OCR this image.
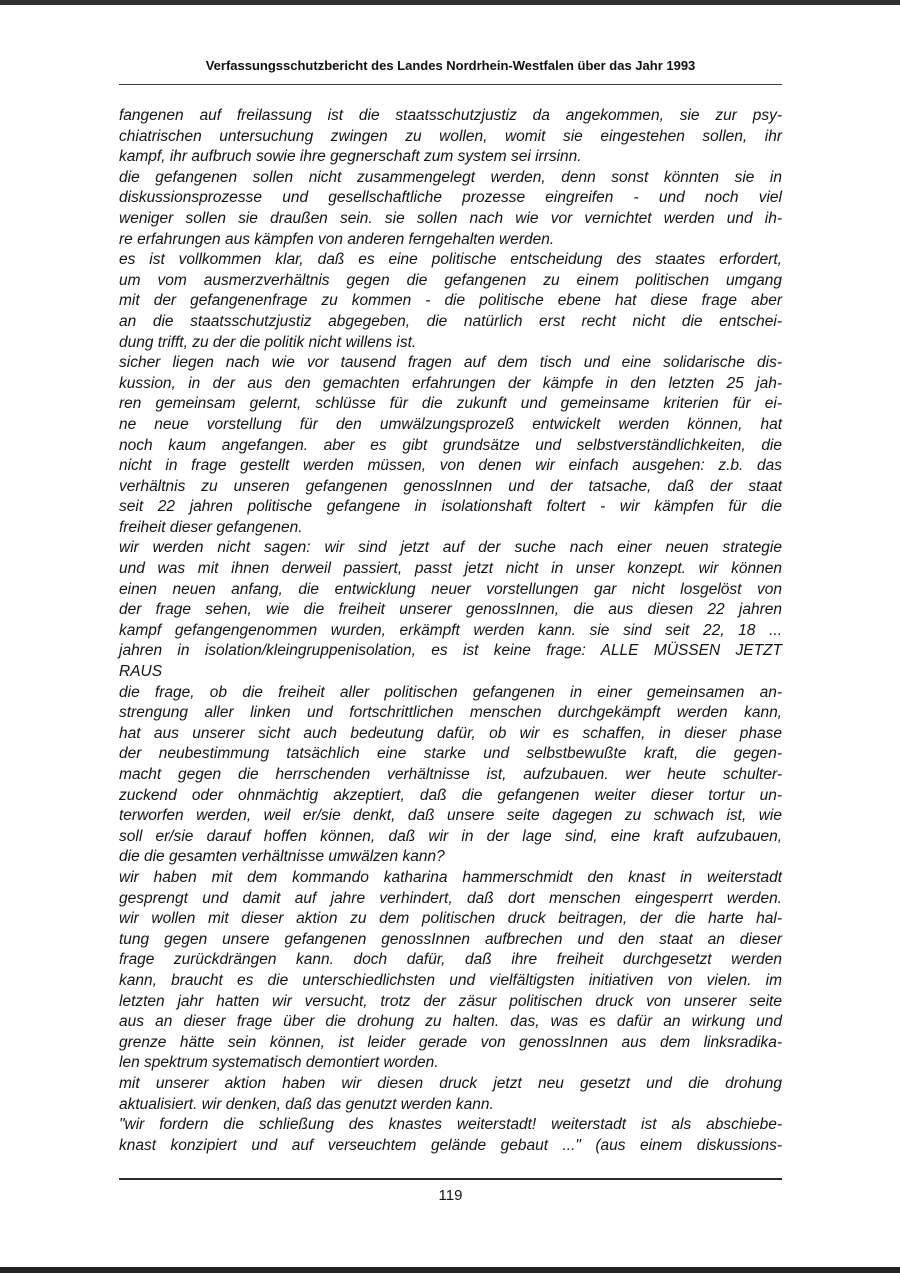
Verfassungsschutzbericht des Landes Nordrhein-Westfalen über das Jahr 1993
fangenen auf freilassung ist die staatsschutzjustiz da angekommen, sie zur psy-
chiatrischen untersuchung zwingen zu wollen, womit sie eingestehen sollen, ihr
kampf, ihr aufbruch sowie ihre gegnerschaft zum system sei irrsinn.
die gefangenen sollen nicht zusammengelegt werden, denn sonst könnten sie in
diskussionsprozesse und gesellschaftliche prozesse eingreifen - und noch viel
weniger sollen sie draußen sein. sie sollen nach wie vor vernichtet werden und ih-
re erfahrungen aus kämpfen von anderen ferngehalten werden.
es ist vollkommen klar, daß es eine politische entscheidung des staates erfordert,
um vom ausmerzverhältnis gegen die gefangenen zu einem politischen umgang
mit der gefangenenfrage zu kommen - die politische ebene hat diese frage aber
an die staatsschutzjustiz abgegeben, die natürlich erst recht nicht die entschei-
dung trifft, zu der die politik nicht willens ist.
sicher liegen nach wie vor tausend fragen auf dem tisch und eine solidarische dis-
kussion, in der aus den gemachten erfahrungen der kämpfe in den letzten 25 jah-
ren gemeinsam gelernt, schlüsse für die zukunft und gemeinsame kriterien für ei-
ne neue vorstellung für den umwälzungsprozeß entwickelt werden können, hat
noch kaum angefangen. aber es gibt grundsätze und selbstverständlichkeiten, die
nicht in frage gestellt werden müssen, von denen wir einfach ausgehen: z.b. das
verhältnis zu unseren gefangenen genossInnen und der tatsache, daß der staat
seit 22 jahren politische gefangene in isolationshaft foltert - wir kämpfen für die
freiheit dieser gefangenen.
wir werden nicht sagen: wir sind jetzt auf der suche nach einer neuen strategie
und was mit ihnen derweil passiert, passt jetzt nicht in unser konzept. wir können
einen neuen anfang, die entwicklung neuer vorstellungen gar nicht losgelöst von
der frage sehen, wie die freiheit unserer genossInnen, die aus diesen 22 jahren
kampf gefangengenommen wurden, erkämpft werden kann. sie sind seit 22, 18 ...
jahren in isolation/kleingruppenisolation, es ist keine frage: ALLE MÜSSEN JETZT
RAUS
die frage, ob die freiheit aller politischen gefangenen in einer gemeinsamen an-
strengung aller linken und fortschrittlichen menschen durchgekämpft werden kann,
hat aus unserer sicht auch bedeutung dafür, ob wir es schaffen, in dieser phase
der neubestimmung tatsächlich eine starke und selbstbewußte kraft, die gegen-
macht gegen die herrschenden verhältnisse ist, aufzubauen. wer heute schulter-
zuckend oder ohnmächtig akzeptiert, daß die gefangenen weiter dieser tortur un-
terworfen werden, weil er/sie denkt, daß unsere seite dagegen zu schwach ist, wie
soll er/sie darauf hoffen können, daß wir in der lage sind, eine kraft aufzubauen,
die die gesamten verhältnisse umwälzen kann?
wir haben mit dem kommando katharina hammerschmidt den knast in weiterstadt
gesprengt und damit auf jahre verhindert, daß dort menschen eingesperrt werden.
wir wollen mit dieser aktion zu dem politischen druck beitragen, der die harte hal-
tung gegen unsere gefangenen genossInnen aufbrechen und den staat an dieser
frage zurückdrängen kann. doch dafür, daß ihre freiheit durchgesetzt werden
kann, braucht es die unterschiedlichsten und vielfältigsten initiativen von vielen. im
letzten jahr hatten wir versucht, trotz der zäsur politischen druck von unserer seite
aus an dieser frage über die drohung zu halten. das, was es dafür an wirkung und
grenze hätte sein können, ist leider gerade von genossInnen aus dem linksradika-
len spektrum systematisch demontiert worden.
mit unserer aktion haben wir diesen druck jetzt neu gesetzt und die drohung
aktualisiert. wir denken, daß das genutzt werden kann.
"wir fordern die schließung des knastes weiterstadt! weiterstadt ist als abschiebe-
knast konzipiert und auf verseuchtem gelände gebaut ..." (aus einem diskussions-
119
